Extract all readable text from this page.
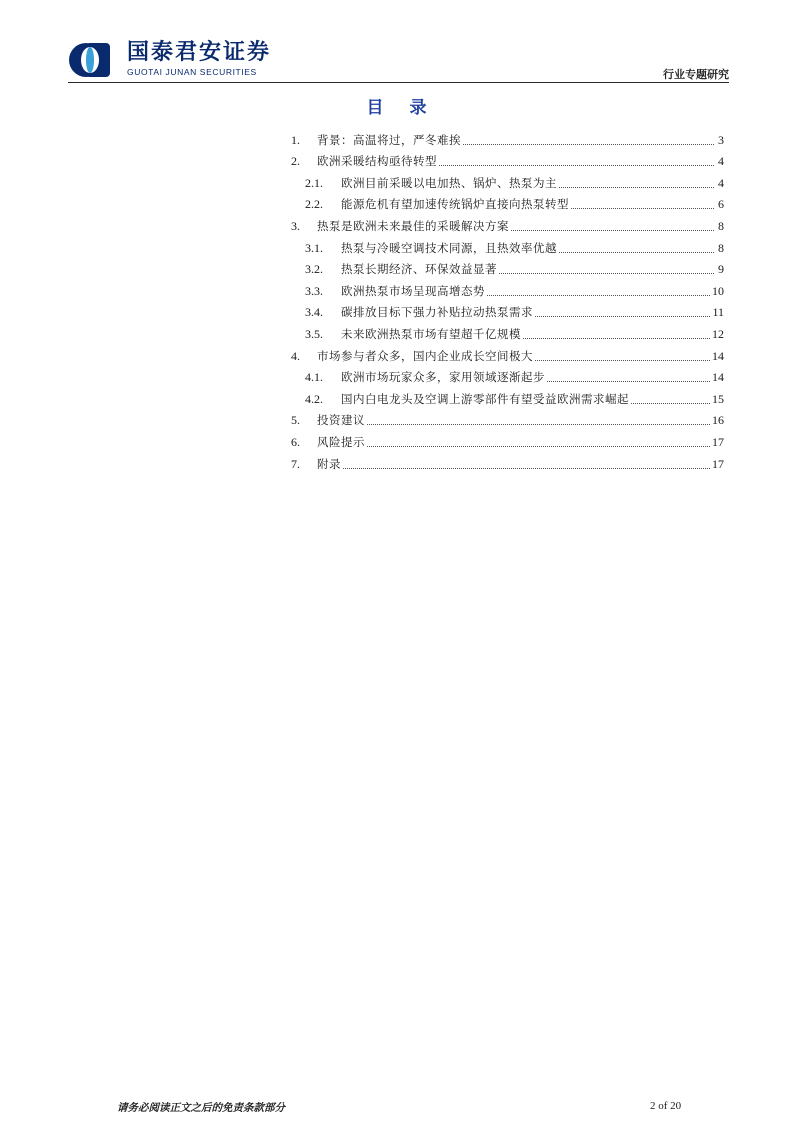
国泰君安证券
GUOTAI JUNAN SECURITIES	行业专题研究
目 录
1.	背景：高温将过，严冬难挨	3
2.	欧洲采暖结构亟待转型	4
2.1.	欧洲目前采暖以电加热、锅炉、热泵为主	4
2.2.	能源危机有望加速传统锅炉直接向热泵转型	6
3.	热泵是欧洲未来最佳的采暖解决方案	8
3.1.	热泵与冷暖空调技术同源，且热效率优越	8
3.2.	热泵长期经济、环保效益显著	9
3.3.	欧洲热泵市场呈现高增态势	10
3.4.	碳排放目标下强力补贴拉动热泵需求	11
3.5.	未来欧洲热泵市场有望超千亿规模	12
4.	市场参与者众多，国内企业成长空间极大	14
4.1.	欧洲市场玩家众多，家用领域逐渐起步	14
4.2.	国内白电龙头及空调上游零部件有望受益欧洲需求崛起	15
5.	投资建议	16
6.	风险提示	17
7.	附录	17
请务必阅读正文之后的免责条款部分	2 of 20
